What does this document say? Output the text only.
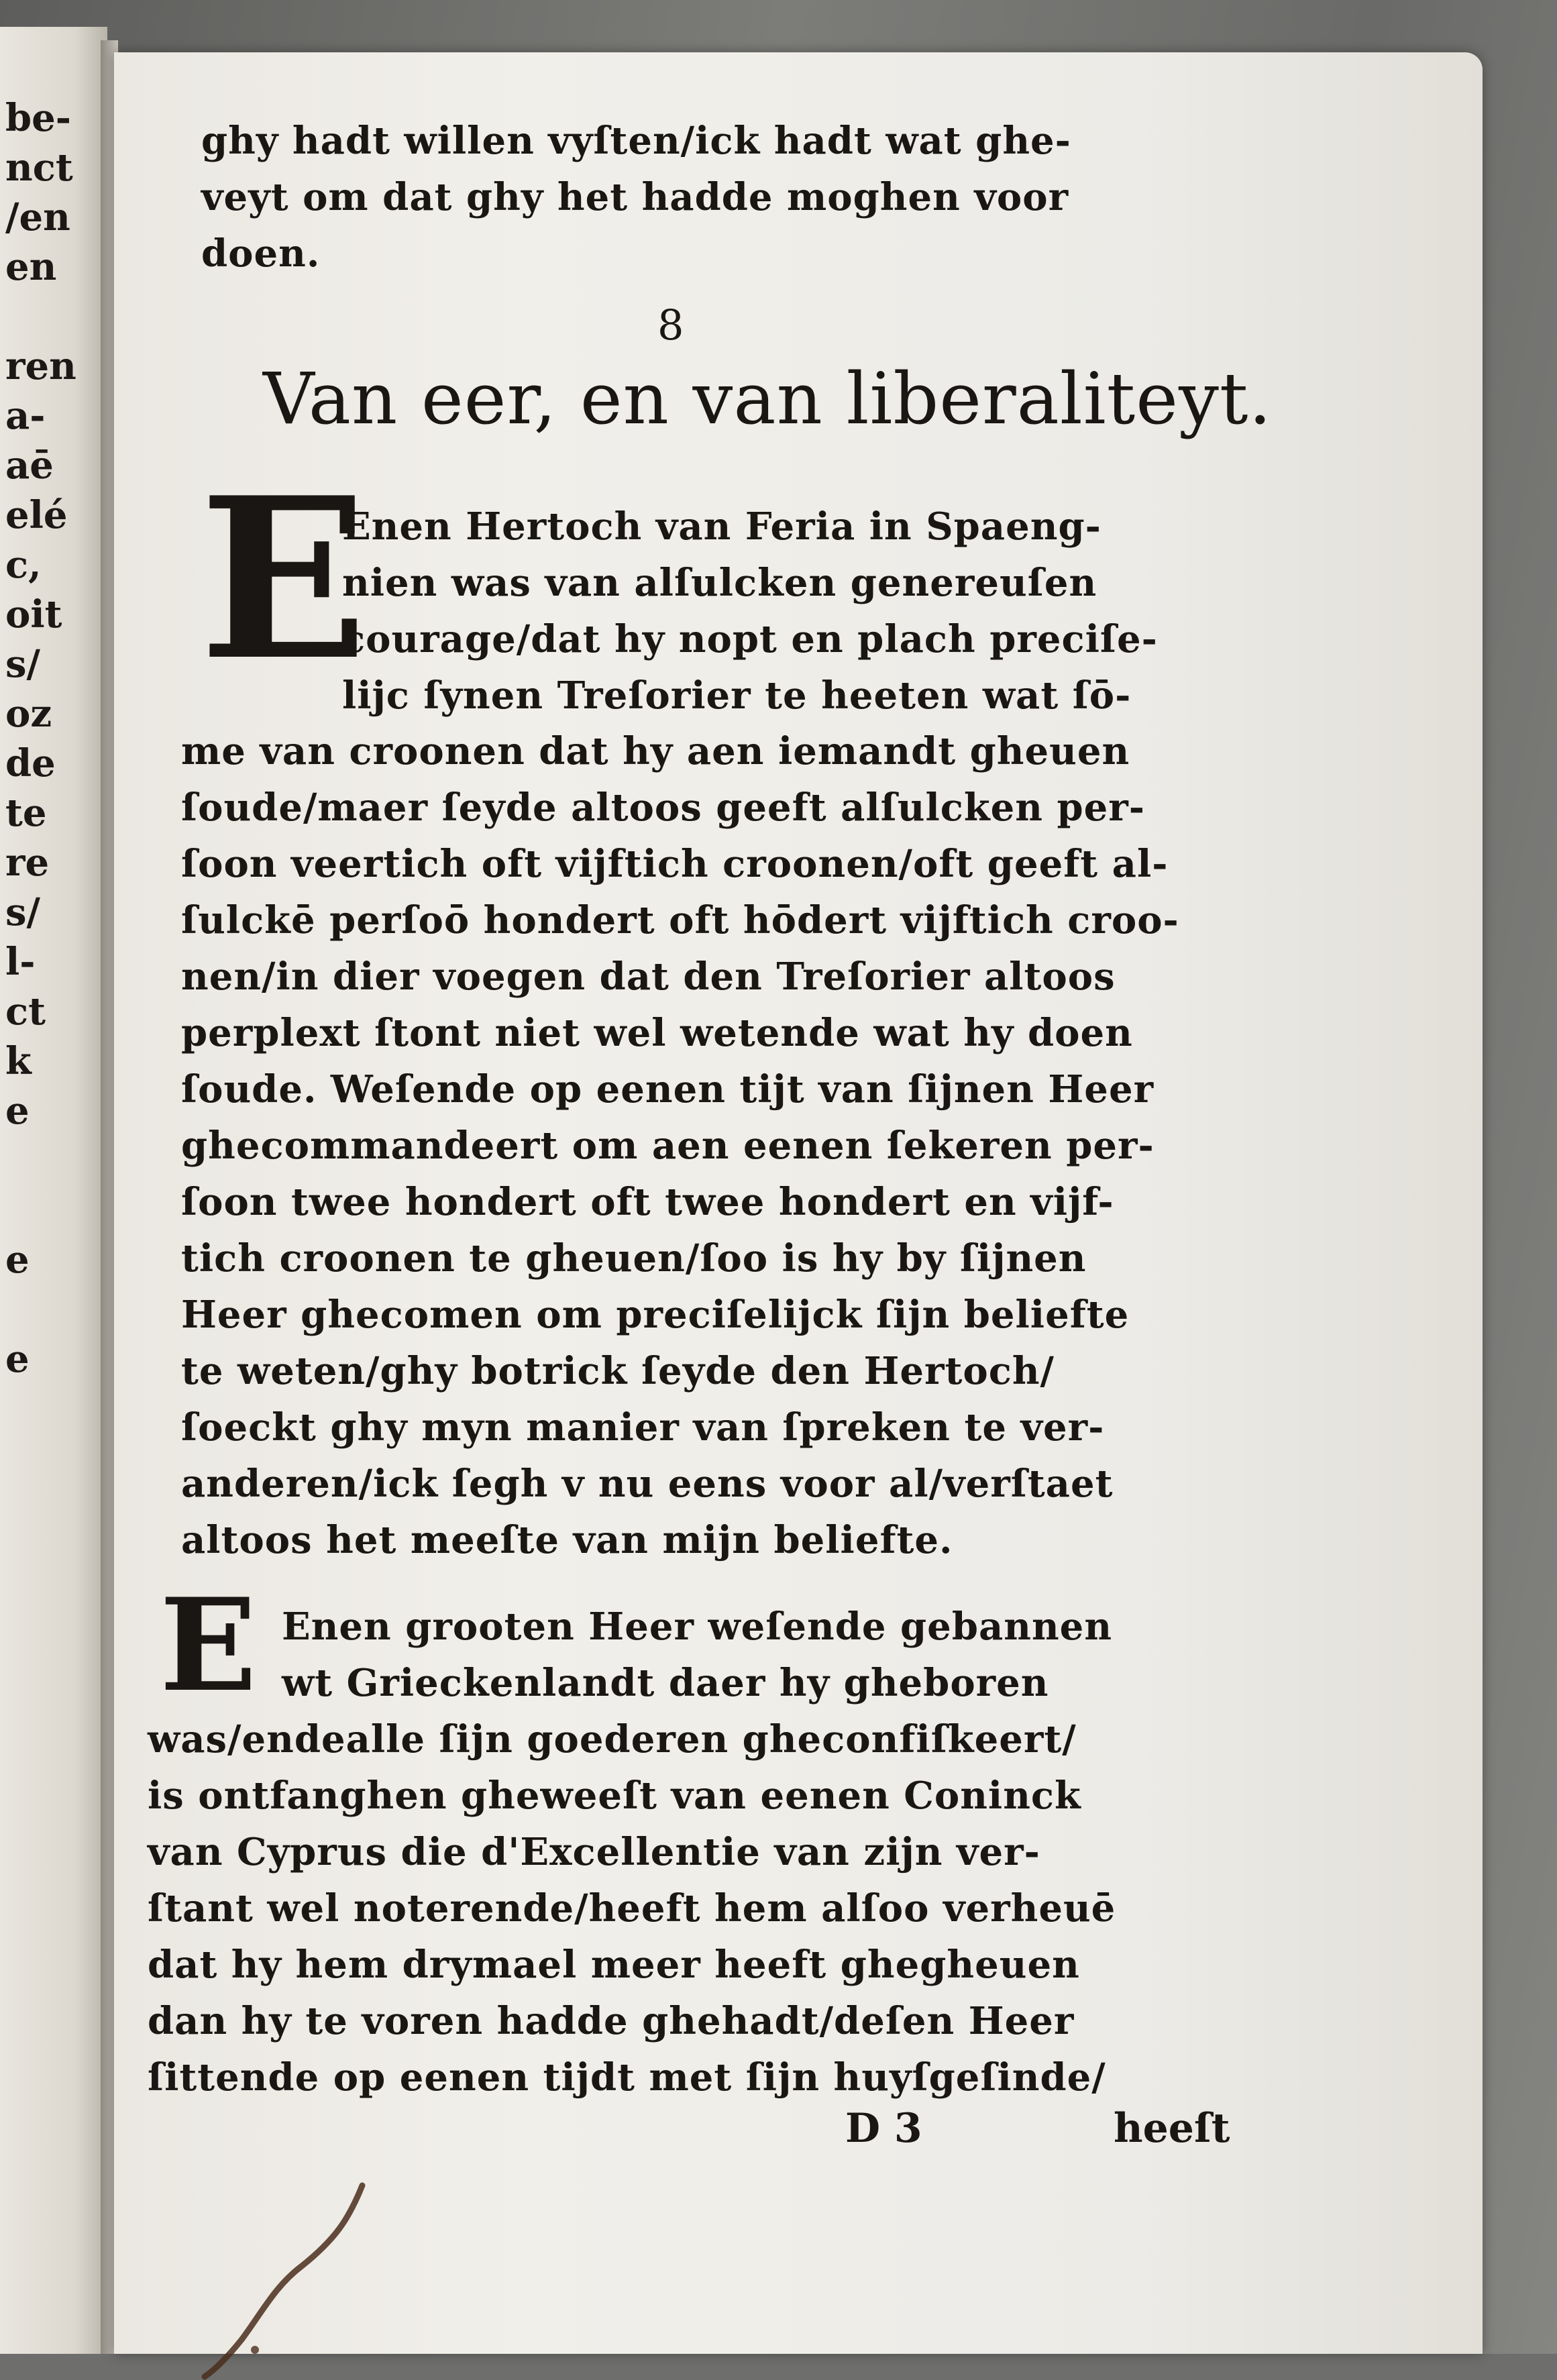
be-
nct
/en
en
ren
a-
aē
elé
c,
oit
s/
oz
de
te
re
s/
l-
ct
k
e
e
e
ghy hadt willen vyſten/ick hadt wat ghe-
veyt om dat ghy het hadde moghen voor
doen.
8
Van eer, en van liberaliteyt.
E
Enen Hertoch van Feria in Spaeng-
nien was van alſulcken genereuſen
courage/dat hy nopt en plach preciſe-
lijc ſynen Treſorier te heeten wat ſō-
me van croonen dat hy aen iemandt gheuen
ſoude/maer ſeyde altoos geeft alſulcken per-
ſoon veertich oft vijftich croonen/oft geeft al-
ſulckē perſoō hondert oft hōdert vijftich croo-
nen/in dier voegen dat den Treſorier altoos
perplext ſtont niet wel wetende wat hy doen
ſoude. Weſende op eenen tijt van ſijnen Heer
ghecommandeert om aen eenen ſekeren per-
ſoon twee hondert oft twee hondert en vijf-
tich croonen te gheuen/ſoo is hy by ſijnen
Heer ghecomen om preciſelijck ſijn beliefte
te weten/ghy botrick ſeyde den Hertoch/
ſoeckt ghy myn manier van ſpreken te ver-
anderen/ick ſegh v nu eens voor al/verſtaet
altoos het meeſte van mijn beliefte.
E Enen grooten Heer weſende gebannen
wt Grieckenlandt daer hy gheboren
was/endealle ſijn goederen gheconfiſkeert/
is ontfanghen gheweeſt van eenen Coninck
van Cyprus die d'Excellentie van zijn ver-
ſtant wel noterende/heeft hem alſoo verheuē
dat hy hem drymael meer heeft ghegheuen
dan hy te voren hadde ghehadt/deſen Heer
ſittende op eenen tijdt met ſijn huyſgeſinde/
D 3	heeſt
